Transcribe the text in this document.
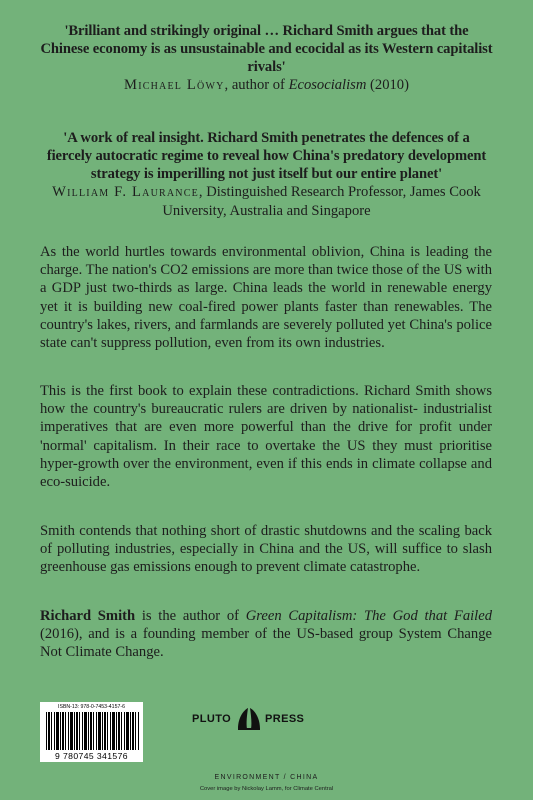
'Brilliant and strikingly original … Richard Smith argues that the Chinese economy is as unsustainable and ecocidal as its Western capitalist rivals'
Michael Löwy, author of Ecosocialism (2010)
'A work of real insight. Richard Smith penetrates the defences of a fiercely autocratic regime to reveal how China's predatory development strategy is imperilling not just itself but our entire planet'
William F. Laurance, Distinguished Research Professor, James Cook University, Australia and Singapore

As the world hurtles towards environmental oblivion, China is leading the charge. The nation's CO2 emissions are more than twice those of the US with a GDP just two-thirds as large. China leads the world in renewable energy yet it is building new coal-fired power plants faster than renewables. The country's lakes, rivers, and farmlands are severely polluted yet China's police state can't suppress pollution, even from its own industries.

This is the first book to explain these contradictions. Richard Smith shows how the country's bureaucratic rulers are driven by nationalist- industrialist imperatives that are even more powerful than the drive for profit under 'normal' capitalism. In their race to overtake the US they must prioritise hyper-growth over the environment, even if this ends in climate collapse and eco-suicide.

Smith contends that nothing short of drastic shutdowns and the scaling back of polluting industries, especially in China and the US, will suffice to slash greenhouse gas emissions enough to prevent climate catastrophe.

Richard Smith is the author of Green Capitalism: The God that Failed (2016), and is a founding member of the US-based group System Change Not Climate Change.

ISBN-13: 978-0-7453-4157-6
9 780745 341576
PLUTO	PRESS
ENVIRONMENT / CHINA
Cover image by Nickolay Lamm, for Climate Central
